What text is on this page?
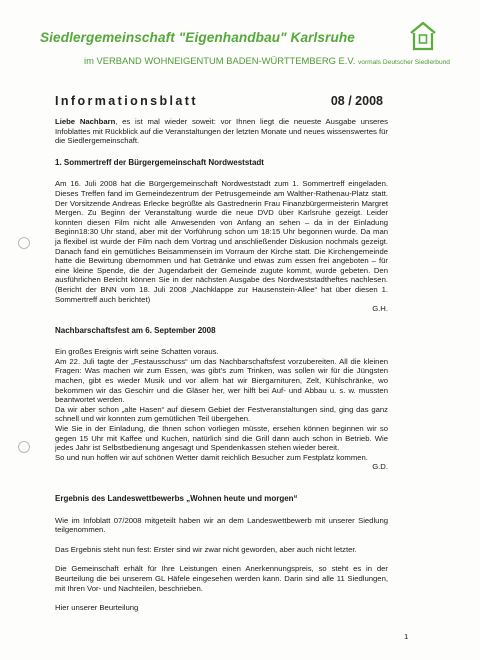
Siedlergemeinschaft "Eigenhandbau" Karlsruhe
im VERBAND WOHNEIGENTUM BADEN-WÜRTTEMBERG E.V. vormals Deutscher Siedlerbund
Informationsblatt	08 / 2008

Liebe Nachbarn, es ist mal wieder soweit: vor Ihnen liegt die neueste Ausgabe unseres Infoblattes mit Rückblick auf die Veranstaltungen der letzten Monate und neues wissenswertes für die Siedlergemeinschaft.

1. Sommertreff der Bürgergemeinschaft Nordweststadt

Am 16. Juli 2008 hat die Bürgergemeinschaft Nordweststadt zum 1. Sommertreff eingeladen. Dieses Treffen fand im Gemeindezentrum der Petrusgemeinde am Walther-Rathenau-Platz statt. Der Vorsitzende Andreas Erlecke begrüßte als Gastrednerin Frau Finanzbürgermeisterin Margret Mergen. Zu Beginn der Veranstaltung wurde die neue DVD über Karlsruhe gezeigt. Leider konnten diesen Film nicht alle Anwesenden von Anfang an sehen – da in der Einladung Beginn18:30 Uhr stand, aber mit der Vorführung schon um 18:15 Uhr begonnen wurde. Da man ja flexibel ist wurde der Film nach dem Vortrag und anschließender Diskusion nochmals gezeigt. Danach fand ein gemütliches Beisammensein im Vorraum der Kirche statt. Die Kirchengemeinde hatte die Bewirtung übernommen und hat Getränke und etwas zum essen frei angeboten – für eine kleine Spende, die der Jugendarbeit der Gemeinde zugute kommt, wurde gebeten. Den ausführlichen Bericht können Sie in der nächsten Ausgabe des Nordweststadtheftes nachlesen. (Bericht der BNN vom 18. Juli 2008 „Nachklappe zur Hausenstein-Allee“ hat über diesen 1. Sommertreff auch berichtet)

G.H.

Nachbarschaftsfest am 6. September 2008

Ein großes Ereignis wirft seine Schatten voraus.

Am 22. Juli tagte der „Festausschuss“ um das Nachbarschaftsfest vorzubereiten. All die kleinen Fragen: Was machen wir zum Essen, was gibt’s zum Trinken, was sollen wir für die Jüngsten machen, gibt es wieder Musik und vor allem hat wir Biergarnituren, Zelt, Kühlschränke, wo bekommen wir das Geschirr und die Gläser her, wer hilft bei Auf- und Abbau u. s. w. mussten beantwortet werden.

Da wir aber schon „alte Hasen“ auf diesem Gebiet der Festveranstaltungen sind, ging das ganz schnell und wir konnten zum gemütlichen Teil übergehen.

Wie Sie in der Einladung, die Ihnen schon vorliegen müsste, ersehen können beginnen wir so gegen 15 Uhr mit Kaffee und Kuchen, natürlich sind die Grill dann auch schon in Betrieb. Wie jedes Jahr ist Selbstbedienung angesagt und Spendenkassen stehen wieder bereit.

So und nun hoffen wir auf schönen Wetter damit reichlich Besucher zum Festplatz kommen.

G.D.

Ergebnis des Landeswettbewerbs „Wohnen heute und morgen“

Wie im Infoblatt 07/2008 mitgeteilt haben wir an dem Landeswettbewerb mit unserer Siedlung teilgenommen.

Das Ergebnis steht nun fest: Erster sind wir zwar nicht geworden, aber auch nicht letzter.

Die Gemeinschaft erhält für Ihre Leistungen einen Anerkennungspreis, so steht es in der Beurteilung die bei unserem GL Häfele eingesehen werden kann. Darin sind alle 11 Siedlungen, mit Ihren Vor- und Nachteilen, beschrieben.

Hier unserer Beurteilung

1
